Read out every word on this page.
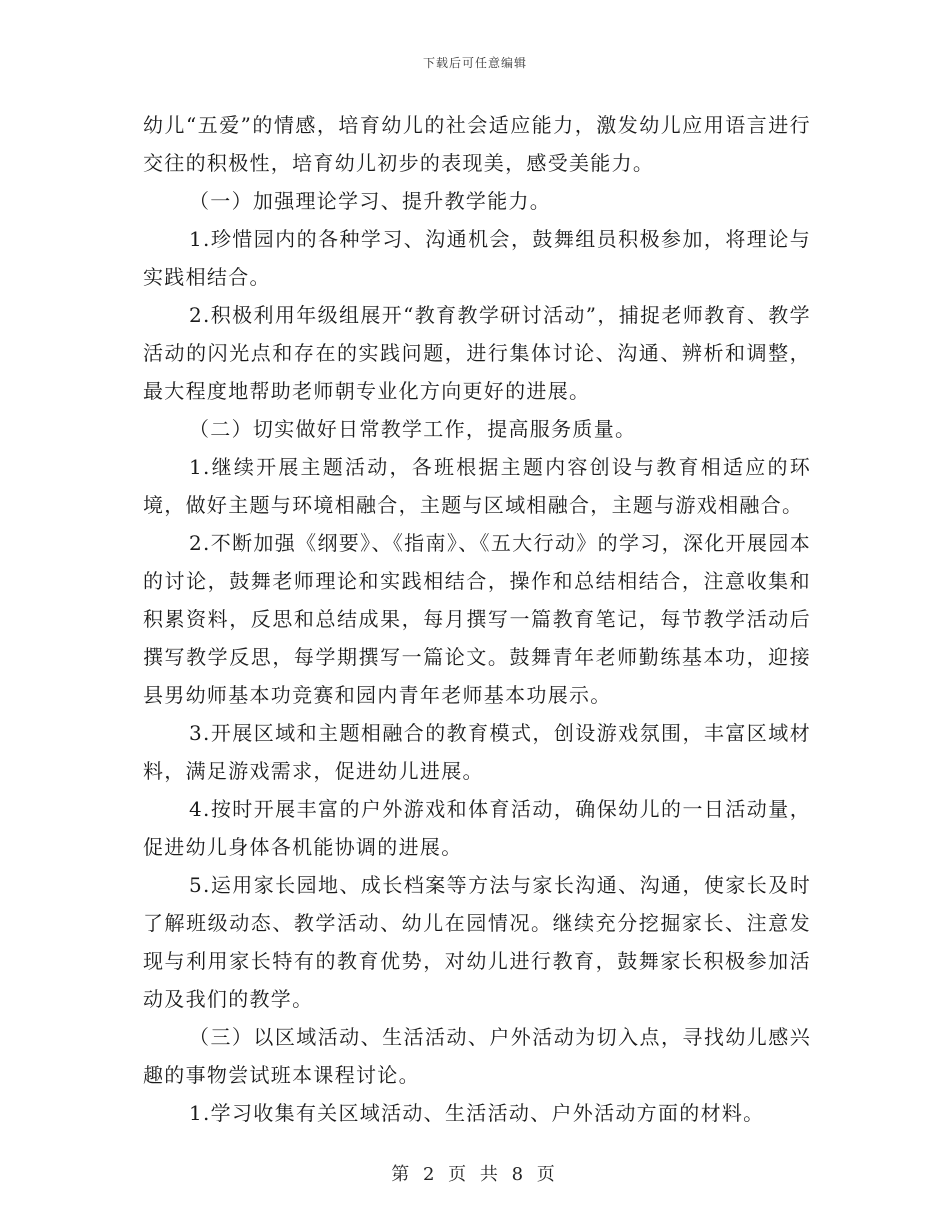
下载后可任意编辑

幼儿“五爱”的情感，培育幼儿的社会适应能力，激发幼儿应用语言进行交往的积极性，培育幼儿初步的表现美，感受美能力。

（一）加强理论学习、提升教学能力。

1.珍惜园内的各种学习、沟通机会，鼓舞组员积极参加，将理论与实践相结合。

2.积极利用年级组展开“教育教学研讨活动”，捕捉老师教育、教学活动的闪光点和存在的实践问题，进行集体讨论、沟通、辨析和调整，最大程度地帮助老师朝专业化方向更好的进展。

（二）切实做好日常教学工作，提高服务质量。

1.继续开展主题活动，各班根据主题内容创设与教育相适应的环境，做好主题与环境相融合，主题与区域相融合，主题与游戏相融合。

2.不断加强《纲要》、《指南》、《五大行动》的学习，深化开展园本的讨论，鼓舞老师理论和实践相结合，操作和总结相结合，注意收集和积累资料，反思和总结成果，每月撰写一篇教育笔记，每节教学活动后撰写教学反思，每学期撰写一篇论文。鼓舞青年老师勤练基本功，迎接县男幼师基本功竞赛和园内青年老师基本功展示。

3.开展区域和主题相融合的教育模式，创设游戏氛围，丰富区域材料，满足游戏需求，促进幼儿进展。

4.按时开展丰富的户外游戏和体育活动，确保幼儿的一日活动量，促进幼儿身体各机能协调的进展。

5.运用家长园地、成长档案等方法与家长沟通、沟通，使家长及时了解班级动态、教学活动、幼儿在园情况。继续充分挖掘家长、注意发现与利用家长特有的教育优势，对幼儿进行教育，鼓舞家长积极参加活动及我们的教学。

（三）以区域活动、生活活动、户外活动为切入点，寻找幼儿感兴趣的事物尝试班本课程讨论。

1.学习收集有关区域活动、生活活动、户外活动方面的材料。

第 2 页 共 8 页
